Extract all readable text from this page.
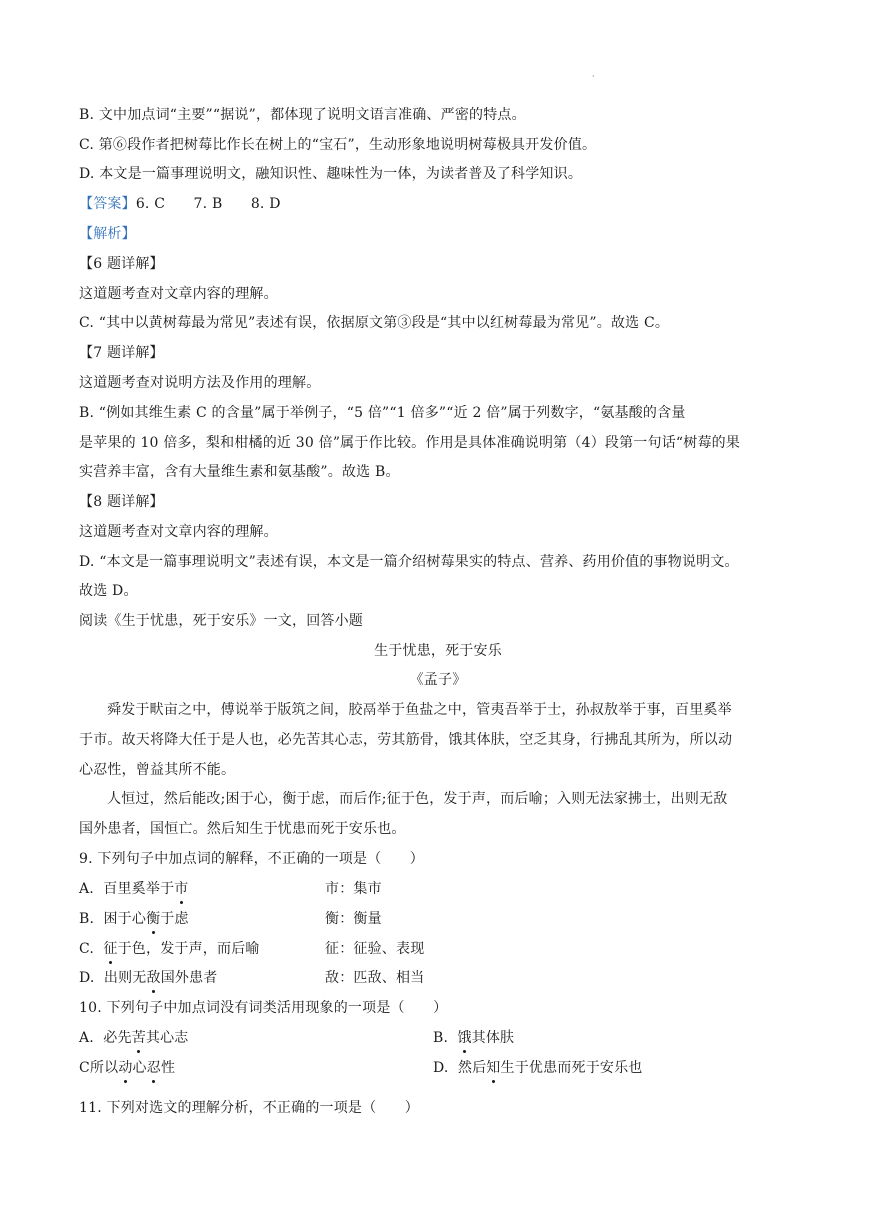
·
B. 文中加点词“主要”“据说”，都体现了说明文语言准确、严密的特点。
C. 第⑥段作者把树莓比作长在树上的“宝石”，生动形象地说明树莓极具开发价值。
D. 本文是一篇事理说明文，融知识性、趣味性为一体，为读者普及了科学知识。
【答案】6. C　　7. B　　8. D
【解析】
【6 题详解】
这道题考查对文章内容的理解。
C. “其中以黄树莓最为常见”表述有误，依据原文第③段是“其中以红树莓最为常见”。故选 C。
【7 题详解】
这道题考查对说明方法及作用的理解。
B. “例如其维生素 C 的含量”属于举例子，“5 倍”“1 倍多”“近 2 倍”属于列数字，“氨基酸的含量
是苹果的 10 倍多，梨和柑橘的近 30 倍”属于作比较。作用是具体准确说明第（4）段第一句话“树莓的果
实营养丰富，含有大量维生素和氨基酸”。故选 B。
【8 题详解】
这道题考查对文章内容的理解。
D. “本文是一篇事理说明文”表述有误，本文是一篇介绍树莓果实的特点、营养、药用价值的事物说明文。
故选 D。
阅读《生于忧患，死于安乐》一文，回答小题
生于忧患，死于安乐
《孟子》
舜发于畎亩之中，傅说举于版筑之间，胶鬲举于鱼盐之中，管夷吾举于士，孙叔敖举于事，百里奚举
于市。故天将降大任于是人也，必先苦其心志，劳其筋骨，饿其体肤，空乏其身，行拂乱其所为，所以动
心忍性，曾益其所不能。
人恒过，然后能改;困于心，衡于虑，而后作;征于色，发于声，而后喻；入则无法家拂士，出则无敌
国外患者，国恒亡。然后知生于忧患而死于安乐也。
9. 下列句子中加点词的解释，不正确的一项是（　　）
A. 百里奚举于市	市：集市
B. 困于心衡于虑	衡：衡量
C. 征于色，发于声，而后喻	征：征验、表现
D. 出则无敌国外患者	敌：匹敌、相当
10. 下列句子中加点词没有词类活用现象的一项是（　　）
A. 必先苦其心志	B. 饿其体肤
C所以动心忍性	D. 然后知生于优患而死于安乐也
11. 下列对选文的理解分析，不正确的一项是（　　）
